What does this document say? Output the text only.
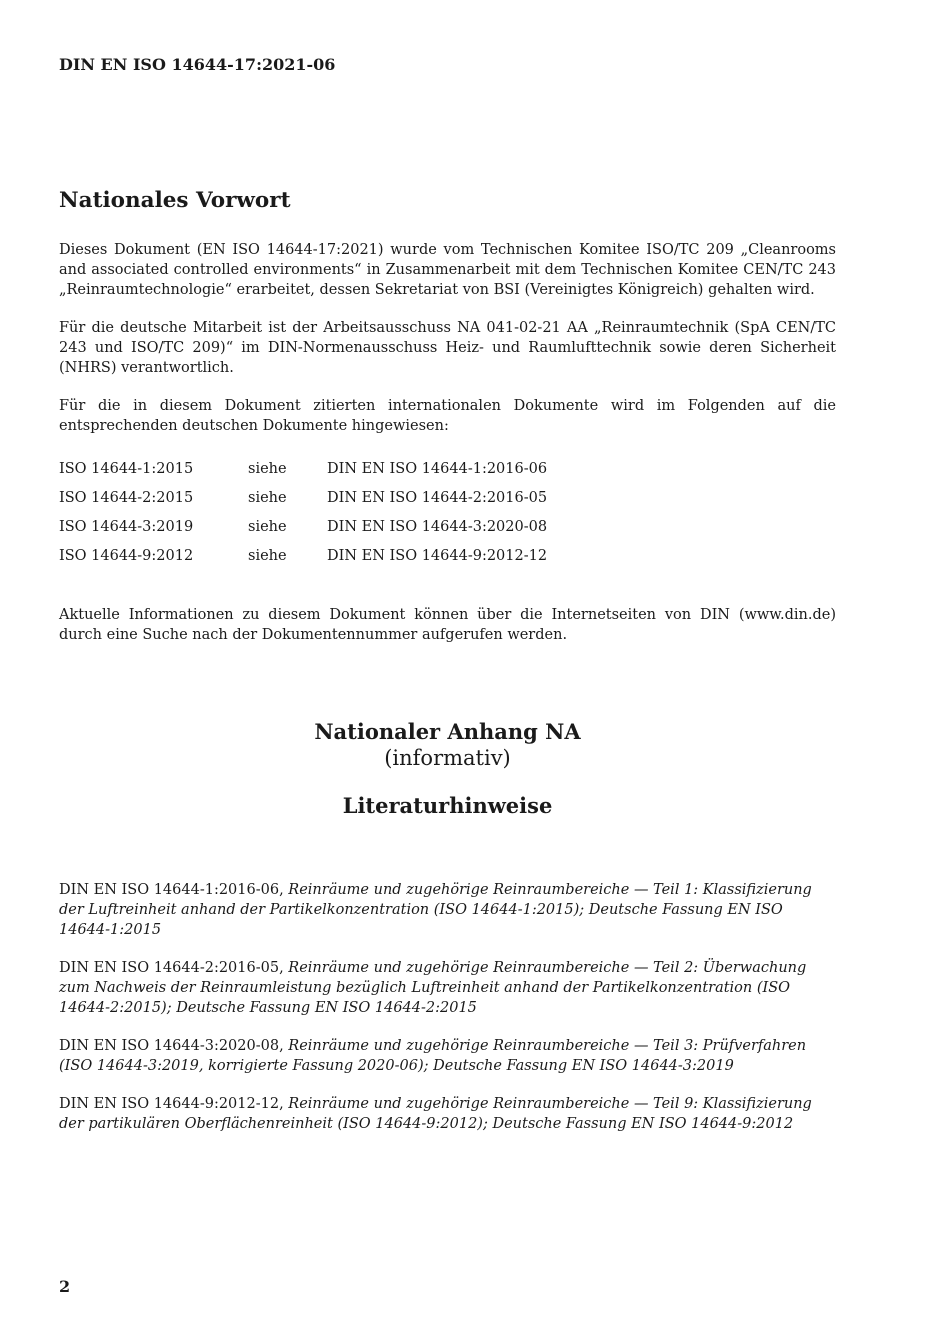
DIN EN ISO 14644-17:2021-06
Nationales Vorwort

Dieses Dokument (EN ISO 14644-17:2021) wurde vom Technischen Komitee ISO/TC 209 „Cleanrooms and associated controlled environments“ in Zusammenarbeit mit dem Technischen Komitee CEN/TC 243 „Reinraumtechnologie“ erarbeitet, dessen Sekretariat von BSI (Vereinigtes Königreich) gehalten wird.

Für die deutsche Mitarbeit ist der Arbeitsausschuss NA 041-02-21 AA „Reinraumtechnik (SpA CEN/TC 243 und ISO/TC 209)“ im DIN-Normenausschuss Heiz- und Raumlufttechnik sowie deren Sicherheit (NHRS) verantwortlich.

Für die in diesem Dokument zitierten internationalen Dokumente wird im Folgenden auf die entsprechenden deutschen Dokumente hingewiesen:

ISO 14644-1:2015	siehe	DIN EN ISO 14644-1:2016-06
ISO 14644-2:2015	siehe	DIN EN ISO 14644-2:2016-05
ISO 14644-3:2019	siehe	DIN EN ISO 14644-3:2020-08
ISO 14644-9:2012	siehe	DIN EN ISO 14644-9:2012-12

Aktuelle Informationen zu diesem Dokument können über die Internetseiten von DIN (www.din.de) durch eine Suche nach der Dokumentennummer aufgerufen werden.

Nationaler Anhang NA
(informativ)
Literaturhinweise
DIN EN ISO 14644-1:2016-06, Reinräume und zugehörige Reinraumbereiche — Teil 1: Klassifizierung der Luftreinheit anhand der Partikelkonzentration (ISO 14644-1:2015); Deutsche Fassung EN ISO 14644-1:2015
DIN EN ISO 14644-2:2016-05, Reinräume und zugehörige Reinraumbereiche — Teil 2: Überwachung zum Nachweis der Reinraumleistung bezüglich Luftreinheit anhand der Partikelkonzentration (ISO 14644-2:2015); Deutsche Fassung EN ISO 14644-2:2015
DIN EN ISO 14644-3:2020-08, Reinräume und zugehörige Reinraumbereiche — Teil 3: Prüfverfahren (ISO 14644-3:2019, korrigierte Fassung 2020-06); Deutsche Fassung EN ISO 14644-3:2019
DIN EN ISO 14644-9:2012-12, Reinräume und zugehörige Reinraumbereiche — Teil 9: Klassifizierung der partikulären Oberflächenreinheit (ISO 14644-9:2012); Deutsche Fassung EN ISO 14644-9:2012
2
